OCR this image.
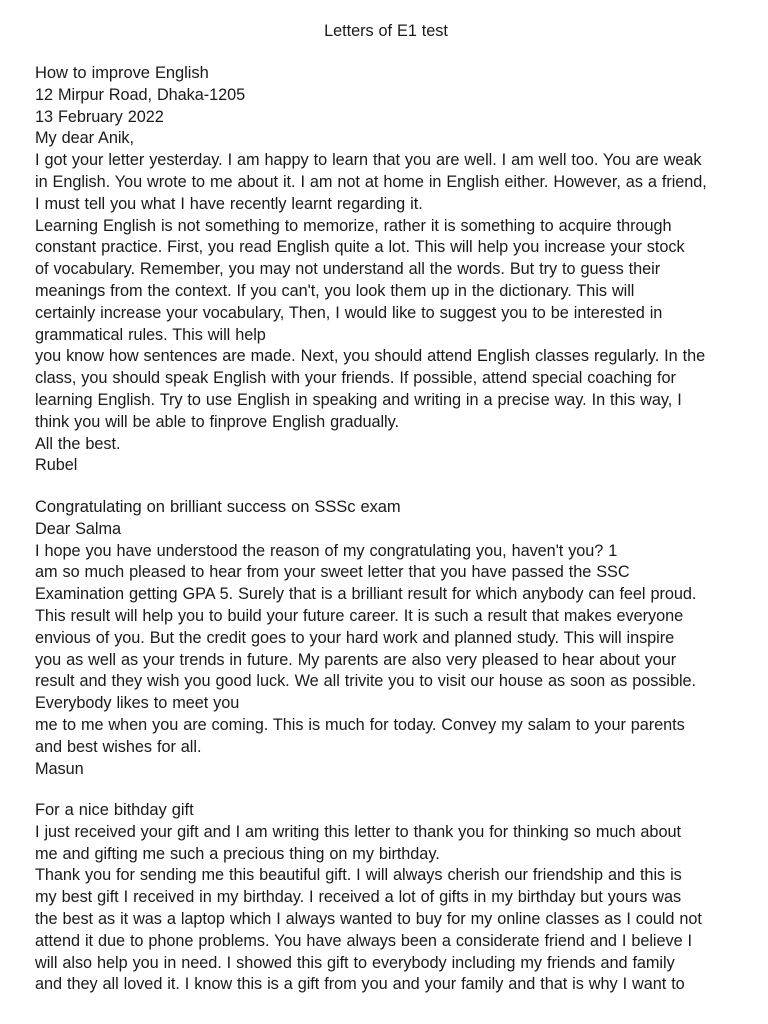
Letters of E1 test
How to improve English
12 Mirpur Road, Dhaka-1205
13 February 2022
My dear Anik,
I got your letter yesterday. I am happy to learn that you are well. I am well too. You are weak
in English. You wrote to me about it. I am not at home in English either. However, as a friend,
I must tell you what I have recently learnt regarding it.
Learning English is not something to memorize, rather it is something to acquire through
constant practice. First, you read English quite a lot. This will help you increase your stock
of vocabulary. Remember, you may not understand all the words. But try to guess their
meanings from the context. If you can't, you look them up in the dictionary. This will
certainly increase your vocabulary, Then, I would like to suggest you to be interested in
grammatical rules. This will help
you know how sentences are made. Next, you should attend English classes regularly. In the
class, you should speak English with your friends. If possible, attend special coaching for
learning English. Try to use English in speaking and writing in a precise way. In this way, I
think you will be able to finprove English gradually.
All the best.
Rubel
Congratulating on brilliant success on SSSc exam
Dear Salma
I hope you have understood the reason of my congratulating you, haven't you? 1
am so much pleased to hear from your sweet letter that you have passed the SSC
Examination getting GPA 5. Surely that is a brilliant result for which anybody can feel proud.
This result will help you to build your future career. It is such a result that makes everyone
envious of you. But the credit goes to your hard work and planned study. This will inspire
you as well as your trends in future. My parents are also very pleased to hear about your
result and they wish you good luck. We all trivite you to visit our house as soon as possible.
Everybody likes to meet you
me to me when you are coming. This is much for today. Convey my salam to your parents
and best wishes for all.
Masun
For a nice bithday gift
I just received your gift and I am writing this letter to thank you for thinking so much about
me and gifting me such a precious thing on my birthday.
Thank you for sending me this beautiful gift. I will always cherish our friendship and this is
my best gift I received in my birthday. I received a lot of gifts in my birthday but yours was
the best as it was a laptop which I always wanted to buy for my online classes as I could not
attend it due to phone problems. You have always been a considerate friend and I believe I
will also help you in need. I showed this gift to everybody including my friends and family
and they all loved it. I know this is a gift from you and your family and that is why I want to
